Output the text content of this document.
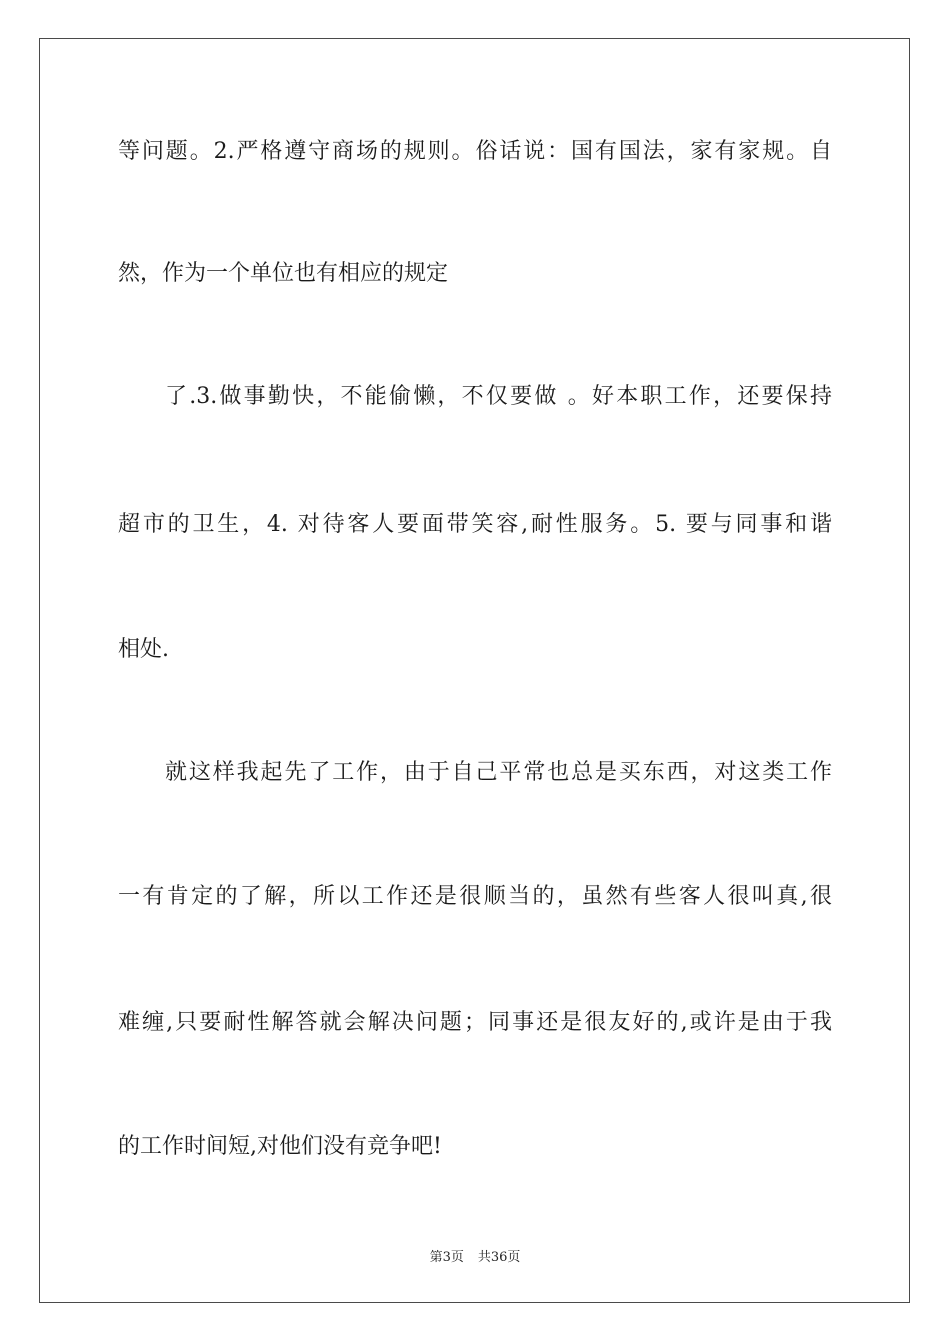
等问题。2.严格遵守商场的规则。俗话说：国有国法，家有家规。自
然，作为一个单位也有相应的规定
了.3.做事勤快，不能偷懒，不仅要做 。好本职工作，还要保持
超市的卫生，4. 对待客人要面带笑容,耐性服务。5. 要与同事和谐
相处.
就这样我起先了工作，由于自己平常也总是买东西，对这类工作
一有肯定的了解，所以工作还是很顺当的，虽然有些客人很叫真,很
难缠,只要耐性解答就会解决问题；同事还是很友好的,或许是由于我
的工作时间短,对他们没有竞争吧!
第3页 共36页
